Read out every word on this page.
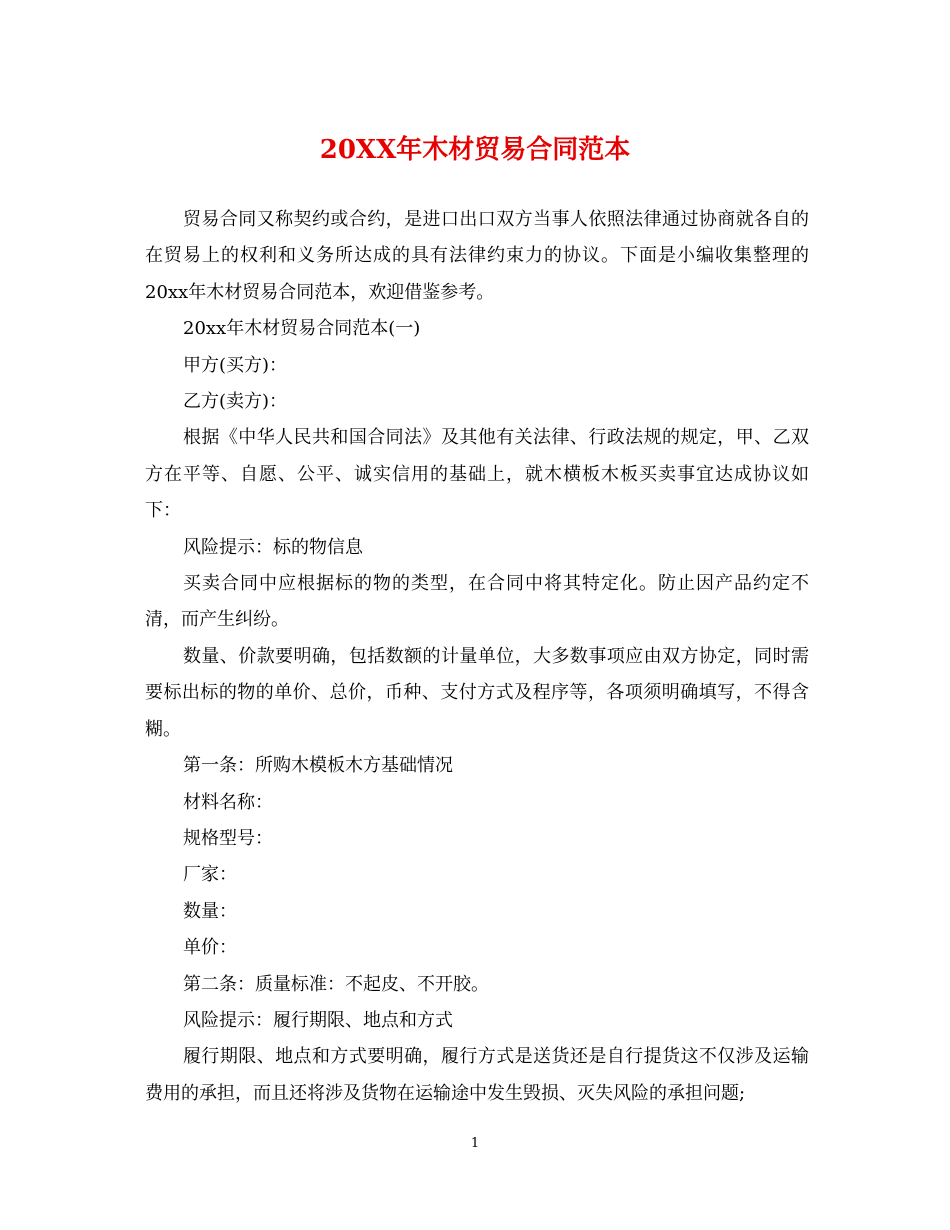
20XX年木材贸易合同范本

贸易合同又称契约或合约，是进口出口双方当事人依照法律通过协商就各自的在贸易上的权利和义务所达成的具有法律约束力的协议。下面是小编收集整理的20xx年木材贸易合同范本，欢迎借鉴参考。

20xx年木材贸易合同范本(一)

甲方(买方)：

乙方(卖方)：

根据《中华人民共和国合同法》及其他有关法律、行政法规的规定，甲、乙双方在平等、自愿、公平、诚实信用的基础上，就木横板木板买卖事宜达成协议如下：

风险提示：标的物信息

买卖合同中应根据标的物的类型，在合同中将其特定化。防止因产品约定不清，而产生纠纷。

数量、价款要明确，包括数额的计量单位，大多数事项应由双方协定，同时需要标出标的物的单价、总价，币种、支付方式及程序等，各项须明确填写，不得含糊。

第一条：所购木模板木方基础情况

材料名称：

规格型号：

厂家：

数量：

单价：

第二条：质量标准：不起皮、不开胶。

风险提示：履行期限、地点和方式

履行期限、地点和方式要明确，履行方式是送货还是自行提货这不仅涉及运输费用的承担，而且还将涉及货物在运输途中发生毁损、灭失风险的承担问题;

1
